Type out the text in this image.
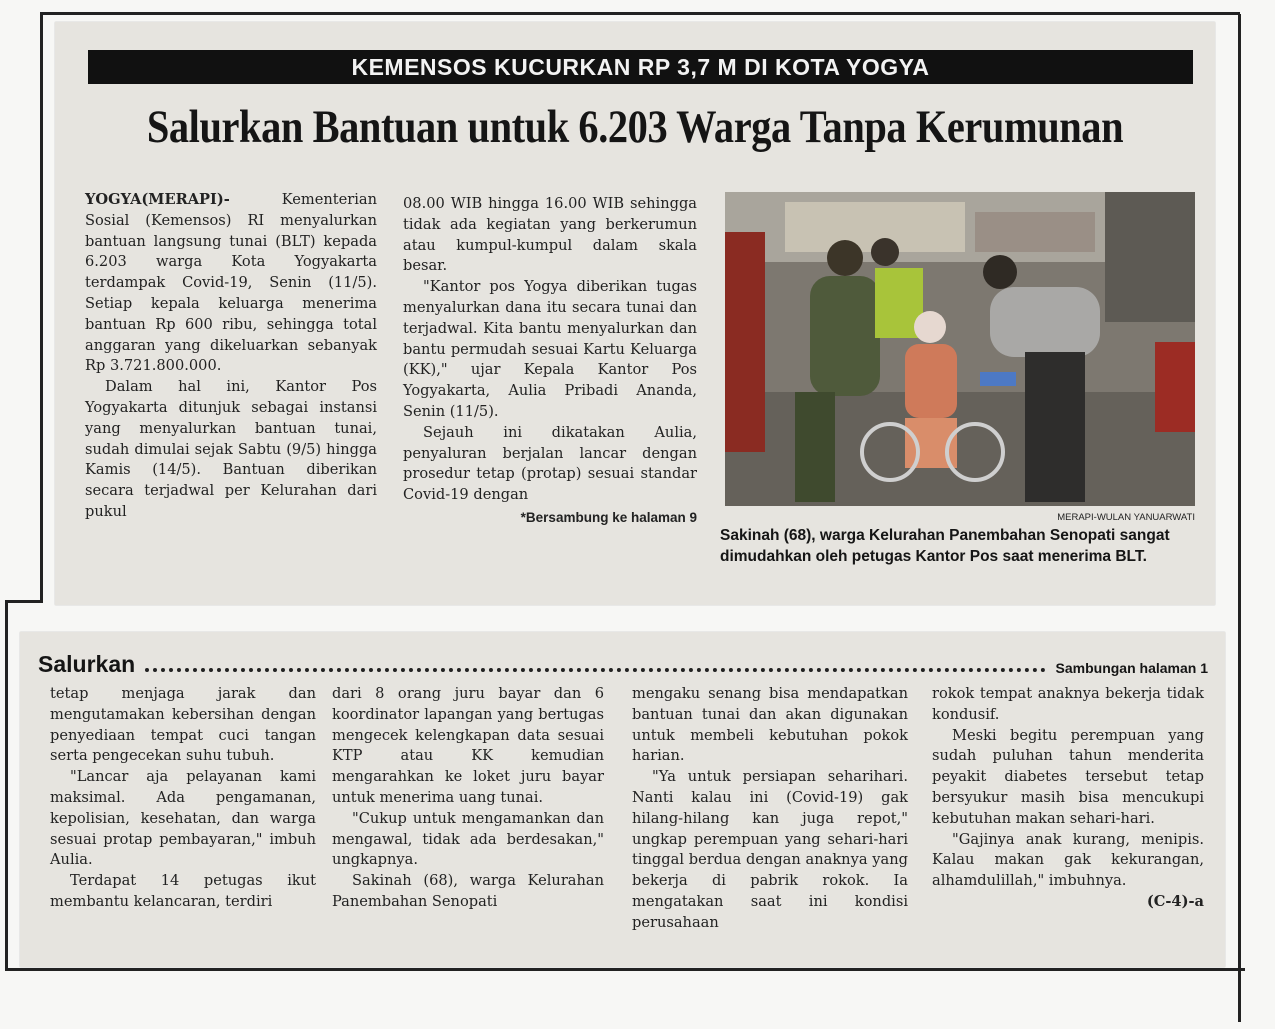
KEMENSOS KUCURKAN RP 3,7 M DI KOTA YOGYA
Salurkan Bantuan untuk 6.203 Warga Tanpa Kerumunan

YOGYA(MERAPI)-	Kementerian Sosial (Kemensos) RI menyalurkan bantuan langsung tunai (BLT) kepada 6.203 warga Kota Yogyakarta terdampak Covid-19, Senin (11/5). Setiap kepala keluarga menerima bantuan Rp 600 ribu, sehingga total anggaran yang dikeluarkan sebanyak Rp 3.721.800.000.

Dalam hal ini, Kantor Pos Yogyakarta ditunjuk sebagai instansi yang menyalurkan bantuan tunai, sudah dimulai sejak Sabtu (9/5) hingga Kamis (14/5). Bantuan diberikan secara terjadwal per Kelurahan dari pukul

08.00 WIB hingga 16.00 WIB sehingga tidak ada kegiatan yang berkerumun atau kumpul-kumpul dalam skala besar.

"Kantor pos Yogya diberikan tugas menyalurkan dana itu secara tunai dan terjadwal. Kita bantu menyalurkan dan bantu permudah sesuai Kartu Keluarga (KK)," ujar Kepala Kantor Pos Yogyakarta, Aulia Pribadi Ananda, Senin (11/5).

Sejauh ini dikatakan Aulia, penyaluran berjalan lancar dengan prosedur tetap (protap) sesuai standar Covid-19 dengan

*Bersambung ke halaman 9	MERAPI-WULAN YANUARWATI
Sakinah (68), warga Kelurahan Panembahan Senopati sangat dimudahkan oleh petugas Kantor Pos saat menerima BLT.
Salurkan	Sambungan halaman 1

tetap menjaga jarak dan mengutamakan kebersihan dengan penyediaan tempat cuci tangan serta pengecekan suhu tubuh.

"Lancar aja pelayanan kami maksimal. Ada pengamanan, kepolisian, kesehatan, dan warga sesuai protap pembayaran," imbuh Aulia.

Terdapat 14 petugas ikut membantu kelancaran, terdiri

dari 8 orang juru bayar dan 6 koordinator lapangan yang bertugas mengecek kelengkapan data sesuai KTP atau KK kemudian mengarahkan ke loket juru bayar untuk menerima uang tunai.

"Cukup untuk mengamankan dan mengawal, tidak ada berdesakan," ungkapnya.

Sakinah (68), warga Kelurahan Panembahan Senopati

mengaku senang bisa mendapatkan bantuan tunai dan akan digunakan untuk membeli kebutuhan pokok harian.

"Ya untuk persiapan seharihari. Nanti kalau ini (Covid-19) gak hilang-hilang kan juga repot," ungkap perempuan yang sehari-hari tinggal berdua dengan anaknya yang bekerja di pabrik rokok. Ia mengatakan saat ini kondisi perusahaan

rokok tempat anaknya bekerja tidak kondusif.

Meski begitu perempuan yang sudah puluhan tahun menderita peyakit diabetes tersebut tetap bersyukur masih bisa mencukupi kebutuhan makan sehari-hari.

"Gajinya anak kurang, menipis. Kalau makan gak kekurangan, alhamdulillah," imbuhnya.

(C-4)-a
